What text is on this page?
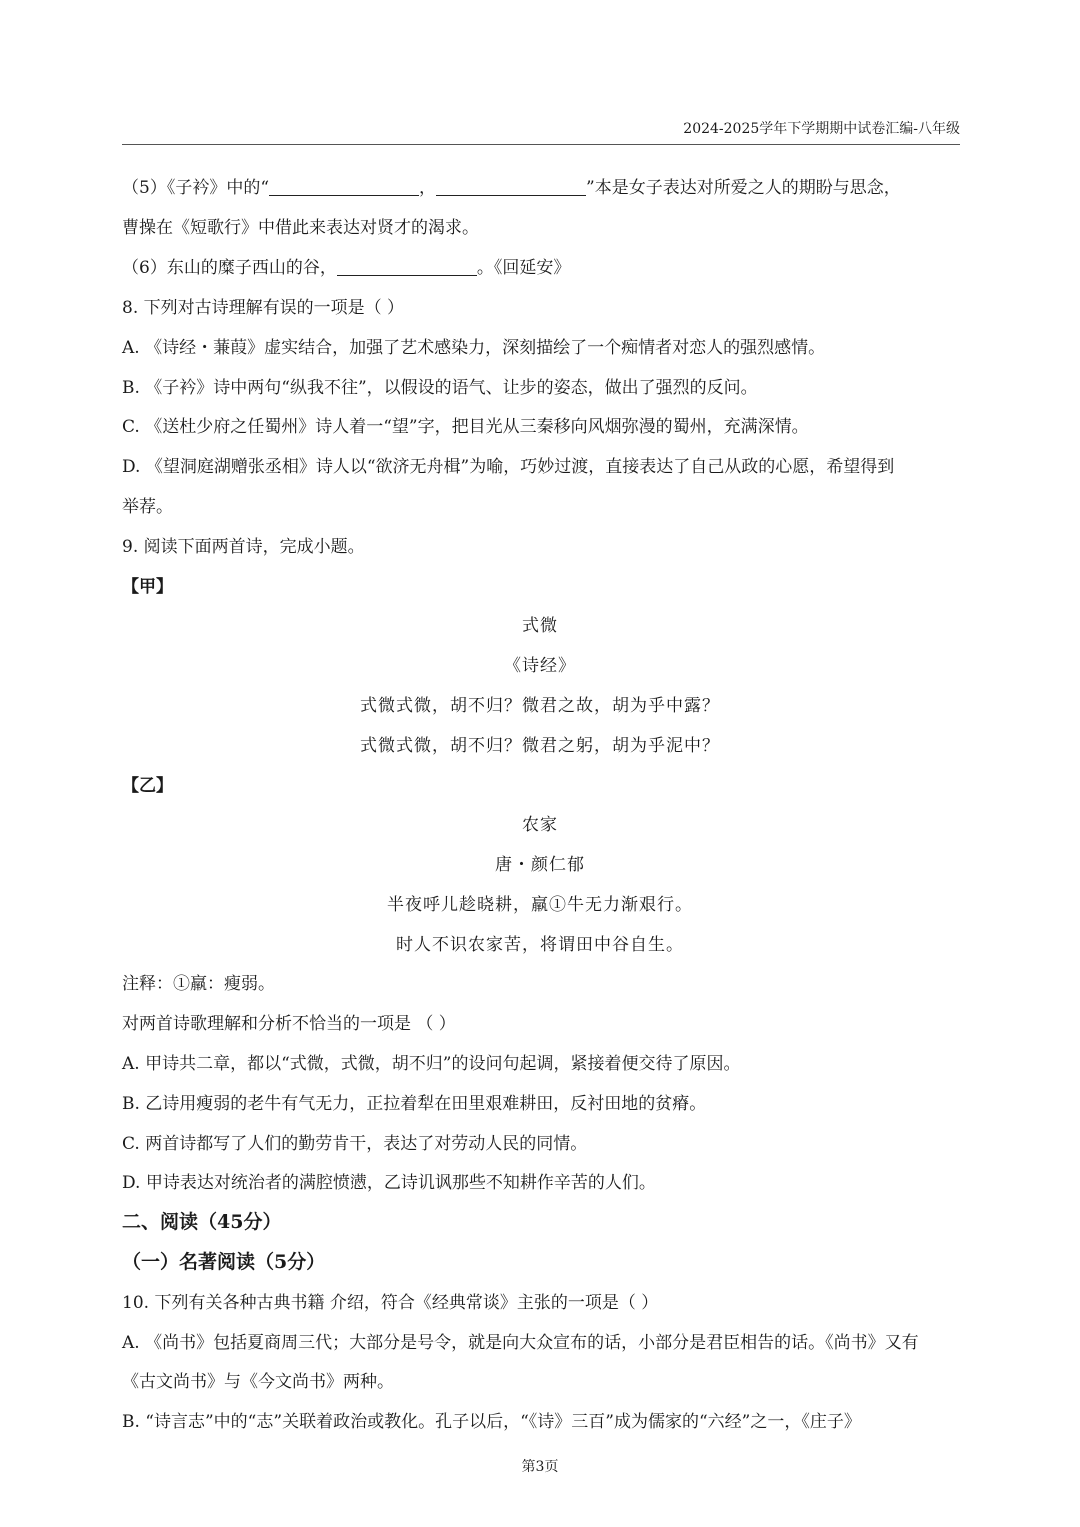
2024-2025学年下学期期中试卷汇编-八年级
（5）《子衿》中的“	，	”本是女子表达对所爱之人的期盼与思念，
曹操在《短歌行》中借此来表达对贤才的渴求。
（6）东山的糜子西山的谷，	。《回延安》
8. 下列对古诗理解有误的一项是（ ）
A. 《诗经・蒹葭》虚实结合，加强了艺术感染力，深刻描绘了一个痴情者对恋人的强烈感情。
B. 《子衿》诗中两句“纵我不往”，以假设的语气、让步的姿态，做出了强烈的反问。
C. 《送杜少府之任蜀州》诗人着一“望”字，把目光从三秦移向风烟弥漫的蜀州，充满深情。
D. 《望洞庭湖赠张丞相》诗人以“欲济无舟楫”为喻，巧妙过渡，直接表达了自己从政的心愿，希望得到
举荐。
9. 阅读下面两首诗，完成小题。
【甲】
式微
《诗经》
式微式微，胡不归？微君之故，胡为乎中露？
式微式微，胡不归？微君之躬，胡为乎泥中？
【乙】
农家
唐・颜仁郁
半夜呼儿趁晓耕，羸①牛无力渐艰行。
时人不识农家苦，将谓田中谷自生。
注释：①羸：瘦弱。
对两首诗歌理解和分析不恰当的一项是 （ ）
A. 甲诗共二章，都以“式微，式微，胡不归”的设问句起调，紧接着便交待了原因。
B. 乙诗用瘦弱的老牛有气无力，正拉着犁在田里艰难耕田，反衬田地的贫瘠。
C. 两首诗都写了人们的勤劳肯干，表达了对劳动人民的同情。
D. 甲诗表达对统治者的满腔愤懑，乙诗讥讽那些不知耕作辛苦的人们。
二、阅读（45分）
（一）名著阅读（5分）
10. 下列有关各种古典书籍 介绍，符合《经典常谈》主张的一项是（ ）
A. 《尚书》包括夏商周三代；大部分是号令，就是向大众宣布的话，小部分是君臣相告的话。《尚书》又有
《古文尚书》与《今文尚书》两种。
B. “诗言志”中的“志”关联着政治或教化。孔子以后，“《诗》三百”成为儒家的“六经”之一，《庄子》
第3页
